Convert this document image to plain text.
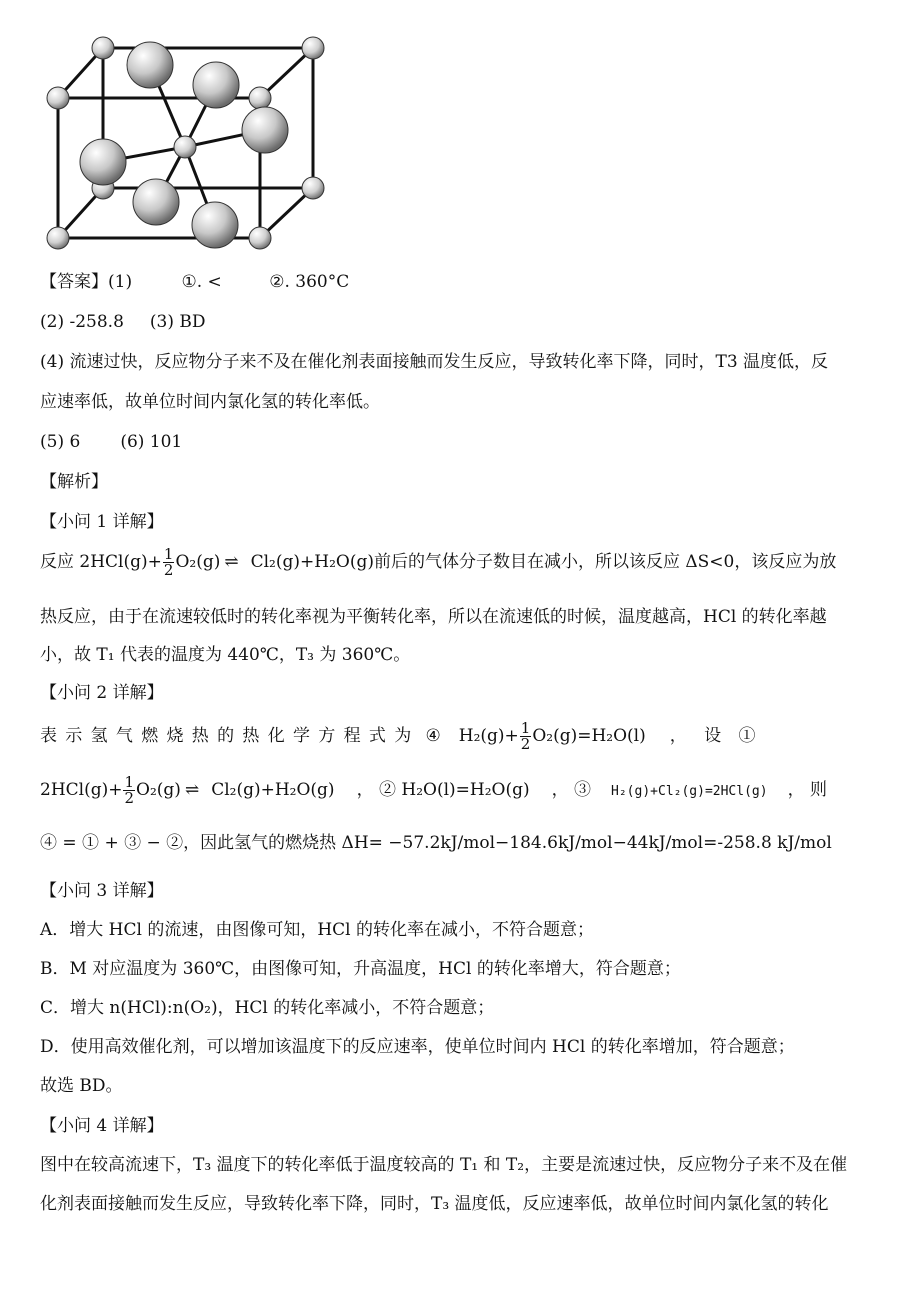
【答案】(1)	①. <	②. 360°C
(2) -258.8 (3) BD
(4) 流速过快，反应物分子来不及在催化剂表面接触而发生反应，导致转化率下降，同时，T3 温度低，反
应速率低，故单位时间内氯化氢的转化率低。
(5) 6 (6) 101
【解析】
【小问 1 详解】
反应 $2HCl(g)+ \frac{1}{2} O_2(g)$ ⇌ Cl₂(g)+H₂O(g)前后的气体分子数目在减小，所以该反应 ΔS<0，该反应为放
热反应，由于在流速较低时的转化率视为平衡转化率，所以在流速低的时候，温度越高，HCl 的转化率越
小，故 T₁ 代表的温度为 440℃，T₃ 为 360℃。
【小问 2 详解】
表示氢气燃烧热的热化学方程式为 ④ $H_2(g)+ \frac{1}{2} O_2(g)=H_2O(l)$ ， 设 ①
$2HCl(g)+ \frac{1}{2} O_2(g)$ ⇌ Cl₂(g)+H₂O(g) ， ② H₂O(l)=H₂O(g) ， ③ H₂(g)+Cl₂(g)=2HCl(g) ， 则
④ = ① + ③ − ②，因此氢气的燃烧热 ΔH= −57.2kJ/mol−184.6kJ/mol−44kJ/mol=-258.8 kJ/mol
【小问 3 详解】
A．增大 HCl 的流速，由图像可知，HCl 的转化率在减小，不符合题意；
B．M 对应温度为 360℃，由图像可知，升高温度，HCl 的转化率增大，符合题意；
C．增大 n(HCl):n(O₂)，HCl 的转化率减小，不符合题意；
D．使用高效催化剂，可以增加该温度下的反应速率，使单位时间内 HCl 的转化率增加，符合题意；
故选 BD。
【小问 4 详解】
图中在较高流速下，T₃ 温度下的转化率低于温度较高的 T₁ 和 T₂，主要是流速过快，反应物分子来不及在催
化剂表面接触而发生反应，导致转化率下降，同时，T₃ 温度低，反应速率低，故单位时间内氯化氢的转化
